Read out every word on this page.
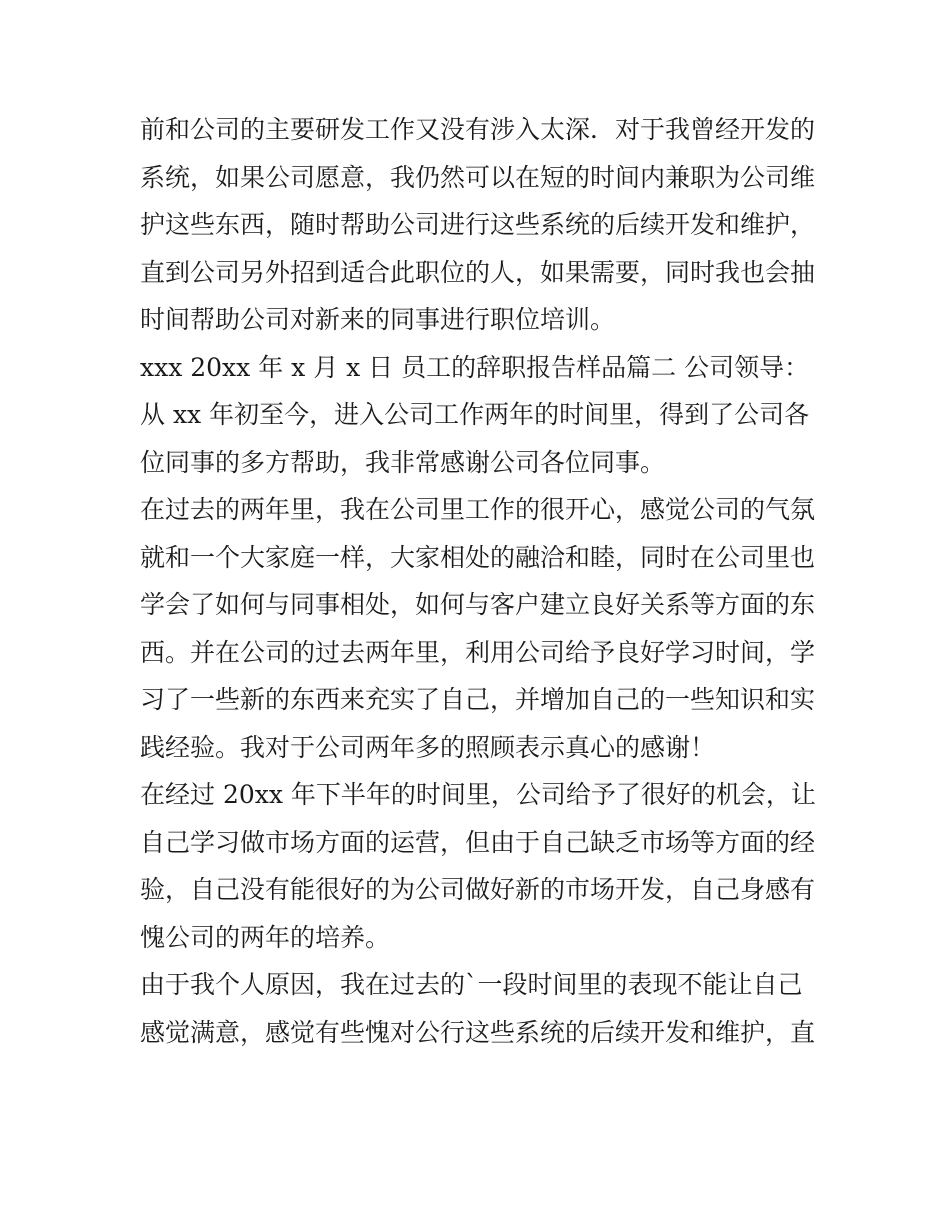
前和公司的主要研发工作又没有涉入太深．对于我曾经开发的
系统，如果公司愿意，我仍然可以在短的时间内兼职为公司维
护这些东西，随时帮助公司进行这些系统的后续开发和维护，
直到公司另外招到适合此职位的人，如果需要，同时我也会抽
时间帮助公司对新来的同事进行职位培训。
xxx 20xx 年 x 月 x 日 员工的辞职报告样品篇二 公司领导：
从 xx 年初至今，进入公司工作两年的时间里，得到了公司各
位同事的多方帮助，我非常感谢公司各位同事。
在过去的两年里，我在公司里工作的很开心，感觉公司的气氛
就和一个大家庭一样，大家相处的融洽和睦，同时在公司里也
学会了如何与同事相处，如何与客户建立良好关系等方面的东
西。并在公司的过去两年里，利用公司给予良好学习时间，学
习了一些新的东西来充实了自己，并增加自己的一些知识和实
践经验。我对于公司两年多的照顾表示真心的感谢！
在经过 20xx 年下半年的时间里，公司给予了很好的机会，让
自己学习做市场方面的运营，但由于自己缺乏市场等方面的经
验，自己没有能很好的为公司做好新的市场开发，自己身感有
愧公司的两年的培养。
由于我个人原因，我在过去的`一段时间里的表现不能让自己
感觉满意，感觉有些愧对公行这些系统的后续开发和维护，直
